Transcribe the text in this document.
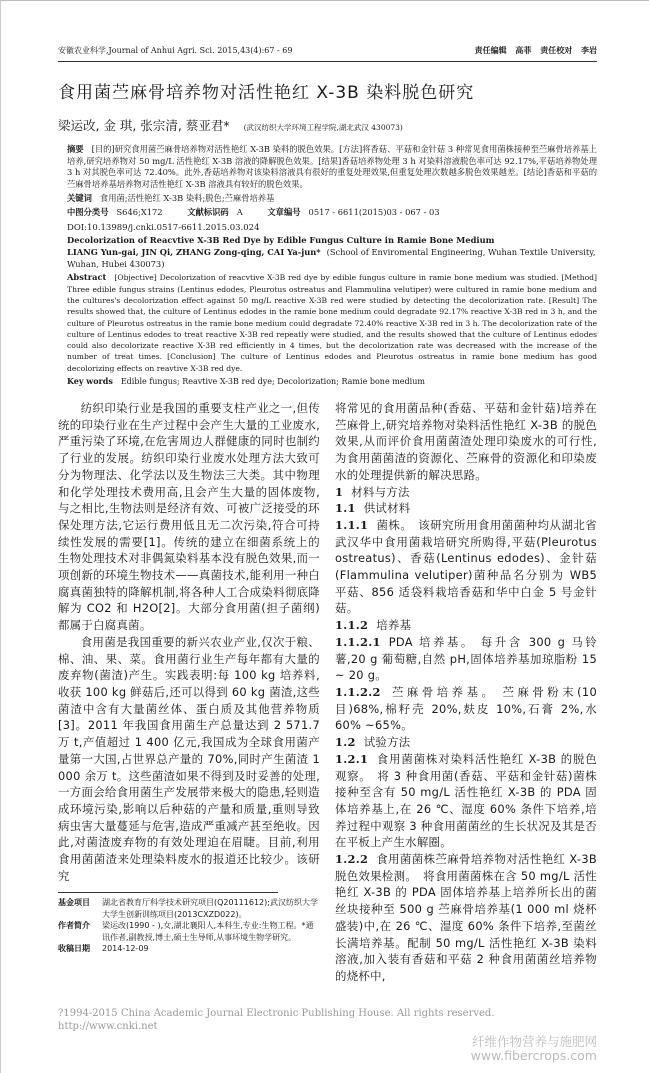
安徽农业科学,Journal of Anhui Agri. Sci. 2015,43(4):67 - 69	责任编辑 高菲 责任校对 李岩
食用菌苎麻骨培养物对活性艳红 X-3B 染料脱色研究
梁运改, 金 琪, 张宗清, 蔡亚君* (武汉纺织大学环境工程学院,湖北武汉 430073)
摘要 [目的]研究食用菌苎麻骨培养物对活性艳红 X-3B 染料的脱色效果。[方法]将香菇、平菇和金针菇 3 种常见食用菌株接种至苎麻骨培养基上培养,研究培养物对 50 mg/L 活性艳红 X-3B 溶液的降解脱色效果。[结果]香菇培养物处理 3 h 对染料溶液脱色率可达 92.17%,平菇培养物处理 3 h 对其脱色率可达 72.40%。此外,香菇培养物对该染料溶液具有很好的重复处理效果,但重复处理次数越多脱色效果越差。[结论]香菇和平菇的苎麻骨培养基培养物对活性艳红 X-3B 溶液具有较好的脱色效果。
关键词 食用菌;活性艳红 X-3B 染料;脱色;苎麻骨培养基
中图分类号 S646;X172	文献标识码 A	文章编号 0517 - 6611(2015)03 - 067 - 03
DOI:10.13989/j.cnki.0517-6611.2015.03.024
Decolorization of Reacvtive X-3B Red Dye by Edible Fungus Culture in Ramie Bone Medium
LIANG Yun-gai, JIN Qi, ZHANG Zong-qing, CAI Ya-jun* (School of Enviromental Engineering, Wuhan Textile University, Wuhan, Hubei 430073)
Abstract [Objective] Decolorization of reacvtive X-3B red dye by edible fungus culture in ramie bone medium was studied. [Method] Three edible fungus strains (Lentinus edodes, Pleurotus ostreatus and Flammulina velutiper) were cultured in ramie bone medium and the cultures's decolorization effect against 50 mg/L reactive X-3B red were studied by detecting the decolorization rate. [Result] The results showed that, the culture of Lentinus edodes in the ramie bone medium could degradate 92.17% reactive X-3B red in 3 h, and the culture of Pleurotus ostreatus in the ramie bone medium could degradate 72.40% reactive X-3B red in 3 h. The decolorization rate of the culture of Lentinus edodes to treat reactive X-3B red repeatly were studied, and the results showed that the culture of Lentinus edodes could also decolorizate reactive X-3B red efficiently in 4 times, but the decolorization rate was decreased with the increase of the number of treat times. [Conclusion] The culture of Lentinus edodes and Pleurotus ostreatus in ramie bone medium has good decolorizing effects on reavtive X-3B red dye.
Key words Edible fungus; Reavtive X-3B red dye; Decolorization; Ramie bone medium

纺织印染行业是我国的重要支柱产业之一,但传统的印染行业在生产过程中会产生大量的工业废水,严重污染了环境,在危害周边人群健康的同时也制约了行业的发展。纺织印染行业废水处理方法大致可分为物理法、化学法以及生物法三大类。其中物理和化学处理技术费用高,且会产生大量的固体废物,与之相比,生物法则是经济有效、可被广泛接受的环保处理方法,它运行费用低且无二次污染,符合可持续性发展的需要[1]。传统的建立在细菌系统上的生物处理技术对非偶氮染料基本没有脱色效果,而一项创新的环境生物技术——真菌技术,能利用一种白腐真菌独特的降解机制,将各种人工合成染料彻底降解为 CO2 和 H2O[2]。大部分食用菌(担子菌纲)都属于白腐真菌。

食用菌是我国重要的新兴农业产业,仅次于粮、棉、油、果、菜。食用菌行业生产每年都有大量的废弃物(菌渣)产生。实践表明:每 100 kg 培养料,收获 100 kg 鲜菇后,还可以得到 60 kg 菌渣,这些菌渣中含有大量菌丝体、蛋白质及其他营养物质[3]。2011 年我国食用菌生产总量达到 2 571.7 万 t,产值超过 1 400 亿元,我国成为全球食用菌产量第一大国,占世界总产量的 70%,同时产生菌渣 1 000 余万 t。这些菌渣如果不得到及时妥善的处理,一方面会给食用菌生产发展带来极大的隐患,轻则造成环境污染,影响以后种菇的产量和质量,重则导致病虫害大量蔓延与危害,造成严重减产甚至绝收。因此,对菌渣废弃物的有效处理迫在眉睫。目前,利用食用菌菌渣来处理染料废水的报道还比较少。该研究

基金项目	湖北省教育厅科学技术研究项目(Q20111612);武汉纺织大学大学生创新训练项目(2013CXZD022)。
作者简介	梁运改(1990 - ),女,湖北襄阳人,本科生,专业:生物工程。*通讯作者,副教授,博士,硕士生导师,从事环境生物学研究。
收稿日期	2014-12-09

将常见的食用菌品种(香菇、平菇和金针菇)培养在苎麻骨上,研究培养物对染料活性艳红 X-3B 的脱色效果,从而评价食用菌菌渣处理印染废水的可行性,为食用菌菌渣的资源化、苎麻骨的资源化和印染废水的处理提供新的解决思路。

1 材料与方法

1.1 供试材料

1.1.1 菌株。 该研究所用食用菌菌种均从湖北省武汉华中食用菌栽培研究所购得,平菇(Pleurotus ostreatus)、香菇(Lentinus edodes)、金针菇(Flammulina velutiper)菌种品名分别为 WB5 平菇、856 适袋料栽培香菇和华中白金 5 号金针菇。

1.1.2 培养基

1.1.2.1 PDA 培养基。 每升含 300 g 马铃薯,20 g 葡萄糖,自然 pH,固体培养基加琼脂粉 15 ~ 20 g。

1.1.2.2 苎麻骨培养基。 苎麻骨粉末(10 目)68%,棉籽壳 20%,麸皮 10%,石膏 2%,水 60% ~65%。

1.2 试验方法

1.2.1 食用菌菌株对染料活性艳红 X-3B 的脱色观察。 将 3 种食用菌(香菇、平菇和金针菇)菌株接种至含有 50 mg/L 活性艳红 X-3B 的 PDA 固体培养基上,在 26 ℃、湿度 60% 条件下培养,培养过程中观察 3 种食用菌菌丝的生长状况及其是否在平板上产生水解圈。

1.2.2 食用菌菌株苎麻骨培养物对活性艳红 X-3B 脱色效果检测。 将食用菌菌株在含 50 mg/L 活性艳红 X-3B 的 PDA 固体培养基上培养所长出的菌丝块接种至 500 g 苎麻骨培养基(1 000 ml 烧杯盛装)中,在 26 ℃、湿度 60% 条件下培养,至菌丝长满培养基。配制 50 mg/L 活性艳红 X-3B 染料溶液,加入装有香菇和平菇 2 种食用菌菌丝培养物的烧杯中,

?1994-2015 China Academic Journal Electronic Publishing House. All rights reserved. http://www.cnki.net
纤维作物营养与施肥网
www.fibercrops.com
